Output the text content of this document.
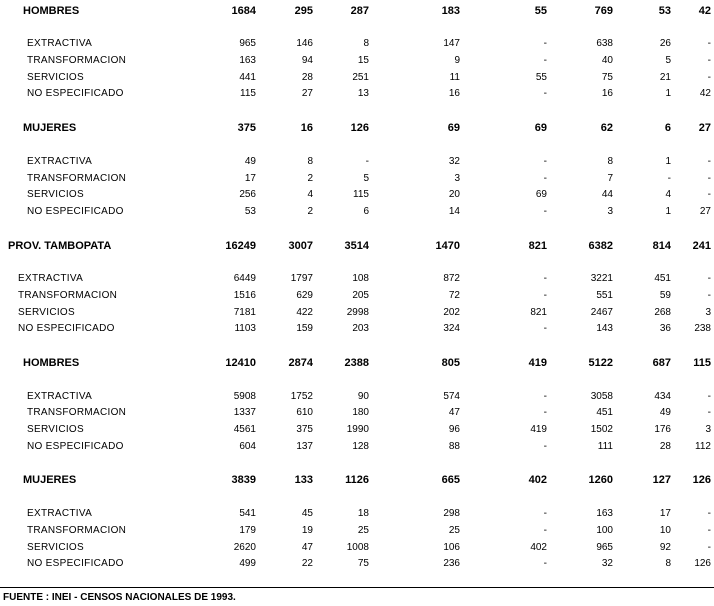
HOMBRES	1684	295	287	183	55	769	53	42
EXTRACTIVA	965	146	8	147	-	638	26	-
TRANSFORMACION	163	94	15	9	-	40	5	-
SERVICIOS	441	28	251	11	55	75	21	-
NO ESPECIFICADO	115	27	13	16	-	16	1	42
MUJERES	375	16	126	69	69	62	6	27
EXTRACTIVA	49	8	-	32	-	8	1	-
TRANSFORMACION	17	2	5	3	-	7	-	-
SERVICIOS	256	4	115	20	69	44	4	-
NO ESPECIFICADO	53	2	6	14	-	3	1	27
PROV. TAMBOPATA	16249	3007	3514	1470	821	6382	814	241
EXTRACTIVA	6449	1797	108	872	-	3221	451	-
TRANSFORMACION	1516	629	205	72	-	551	59	-
SERVICIOS	7181	422	2998	202	821	2467	268	3
NO ESPECIFICADO	1103	159	203	324	-	143	36	238
HOMBRES	12410	2874	2388	805	419	5122	687	115
EXTRACTIVA	5908	1752	90	574	-	3058	434	-
TRANSFORMACION	1337	610	180	47	-	451	49	-
SERVICIOS	4561	375	1990	96	419	1502	176	3
NO ESPECIFICADO	604	137	128	88	-	111	28	112
MUJERES	3839	133	1126	665	402	1260	127	126
EXTRACTIVA	541	45	18	298	-	163	17	-
TRANSFORMACION	179	19	25	25	-	100	10	-
SERVICIOS	2620	47	1008	106	402	965	92	-
NO ESPECIFICADO	499	22	75	236	-	32	8	126
FUENTE : INEI - CENSOS NACIONALES DE 1993.
